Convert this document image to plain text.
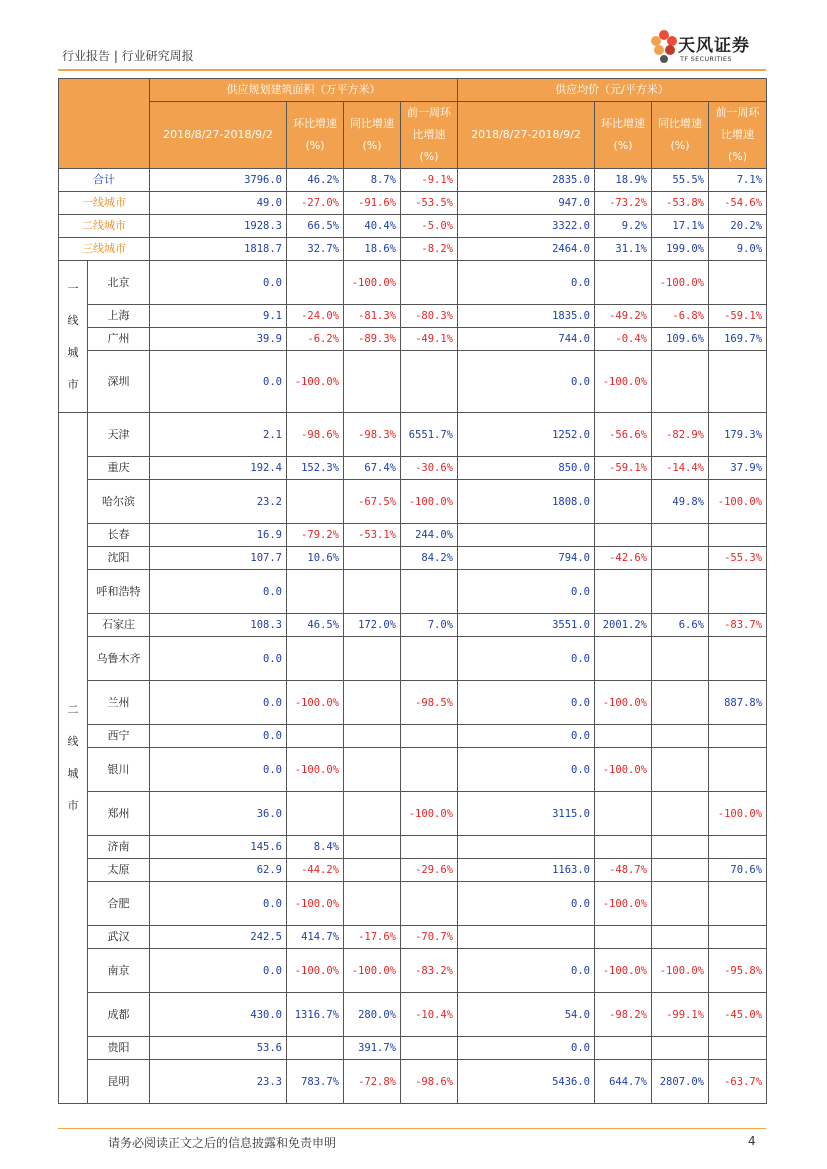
行业报告 | 行业研究周报	天风证券
TF SECURITIES
		供应规划建筑面积（万平方米）				供应均价（元/平方米）			
		2018/8/27-2018/9/2	环比增速(%)	同比增速(%)	前一周环比增速(%)	2018/8/27-2018/9/2	环比增速(%)	同比增速(%)	前一周环比增速(%)
合计		3796.0	46.2%	8.7%	-9.1%	2835.0	18.9%	55.5%	7.1%
一线城市		49.0	-27.0%	-91.6%	-53.5%	947.0	-73.2%	-53.8%	-54.6%
二线城市		1928.3	66.5%	40.4%	-5.0%	3322.0	9.2%	17.1%	20.2%
三线城市		1818.7	32.7%	18.6%	-8.2%	2464.0	31.1%	199.0%	9.0%
一
线
城
市	北京	0.0		-100.0%		0.0		-100.0%	
	上海	9.1	-24.0%	-81.3%	-80.3%	1835.0	-49.2%	-6.8%	-59.1%
	广州	39.9	-6.2%	-89.3%	-49.1%	744.0	-0.4%	109.6%	169.7%
	深圳	0.0	-100.0%			0.0	-100.0%		
二
线
城
市	天津	2.1	-98.6%	-98.3%	6551.7%	1252.0	-56.6%	-82.9%	179.3%
	重庆	192.4	152.3%	67.4%	-30.6%	850.0	-59.1%	-14.4%	37.9%
	哈尔滨	23.2		-67.5%	-100.0%	1808.0		49.8%	-100.0%
	长春	16.9	-79.2%	-53.1%	244.0%				
	沈阳	107.7	10.6%		84.2%	794.0	-42.6%		-55.3%
	呼和浩特	0.0				0.0			
	石家庄	108.3	46.5%	172.0%	7.0%	3551.0	2001.2%	6.6%	-83.7%
	乌鲁木齐	0.0				0.0			
	兰州	0.0	-100.0%		-98.5%	0.0	-100.0%		887.8%
	西宁	0.0				0.0			
	银川	0.0	-100.0%			0.0	-100.0%		
	郑州	36.0			-100.0%	3115.0			-100.0%
	济南	145.6	8.4%						
	太原	62.9	-44.2%		-29.6%	1163.0	-48.7%		70.6%
	合肥	0.0	-100.0%			0.0	-100.0%		
	武汉	242.5	414.7%	-17.6%	-70.7%				
	南京	0.0	-100.0%	-100.0%	-83.2%	0.0	-100.0%	-100.0%	-95.8%
	成都	430.0	1316.7%	280.0%	-10.4%	54.0	-98.2%	-99.1%	-45.0%
	贵阳	53.6		391.7%		0.0			
	昆明	23.3	783.7%	-72.8%	-98.6%	5436.0	644.7%	2807.0%	-63.7%
请务必阅读正文之后的信息披露和免责申明	4
